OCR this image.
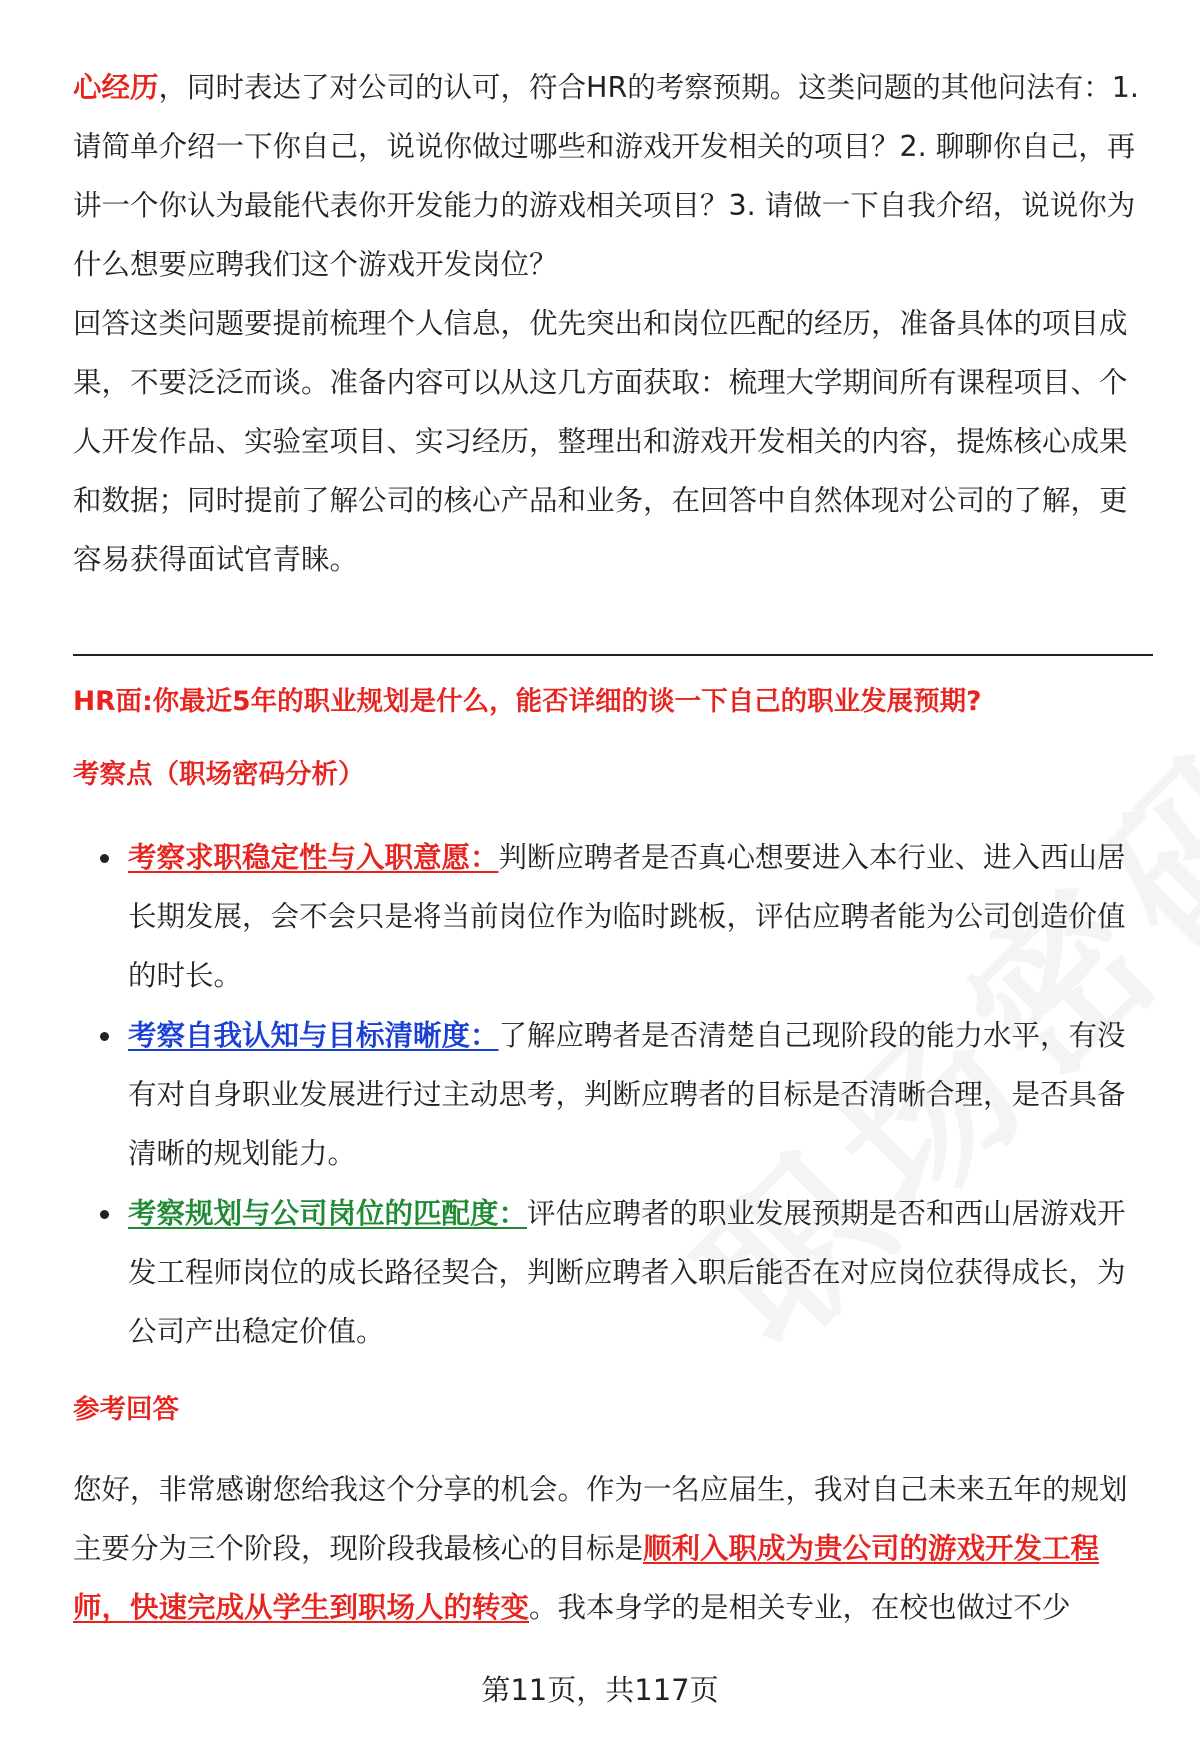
心经历，同时表达了对公司的认可，符合HR的考察预期。这类问题的其他问法有：1. 请简单介绍一下你自己，说说你做过哪些和游戏开发相关的项目？2. 聊聊你自己，再讲一个你认为最能代表你开发能力的游戏相关项目？3. 请做一下自我介绍，说说你为什么想要应聘我们这个游戏开发岗位？

回答这类问题要提前梳理个人信息，优先突出和岗位匹配的经历，准备具体的项目成果，不要泛泛而谈。准备内容可以从这几方面获取：梳理大学期间所有课程项目、个人开发作品、实验室项目、实习经历，整理出和游戏开发相关的内容，提炼核心成果和数据；同时提前了解公司的核心产品和业务，在回答中自然体现对公司的了解，更容易获得面试官青睐。

HR面:你最近5年的职业规划是什么，能否详细的谈一下自己的职业发展预期?

考察点（职场密码分析）

考察求职稳定性与入职意愿：判断应聘者是否真心想要进入本行业、进入西山居长期发展，会不会只是将当前岗位作为临时跳板，评估应聘者能为公司创造价值的时长。
考察自我认知与目标清晰度：了解应聘者是否清楚自己现阶段的能力水平，有没有对自身职业发展进行过主动思考，判断应聘者的目标是否清晰合理，是否具备清晰的规划能力。
考察规划与公司岗位的匹配度：评估应聘者的职业发展预期是否和西山居游戏开发工程师岗位的成长路径契合，判断应聘者入职后能否在对应岗位获得成长，为公司产出稳定价值。

参考回答

您好，非常感谢您给我这个分享的机会。作为一名应届生，我对自己未来五年的规划主要分为三个阶段，现阶段我最核心的目标是顺利入职成为贵公司的游戏开发工程师，快速完成从学生到职场人的转变。我本身学的是相关专业，在校也做过不少

第11页，共117页
